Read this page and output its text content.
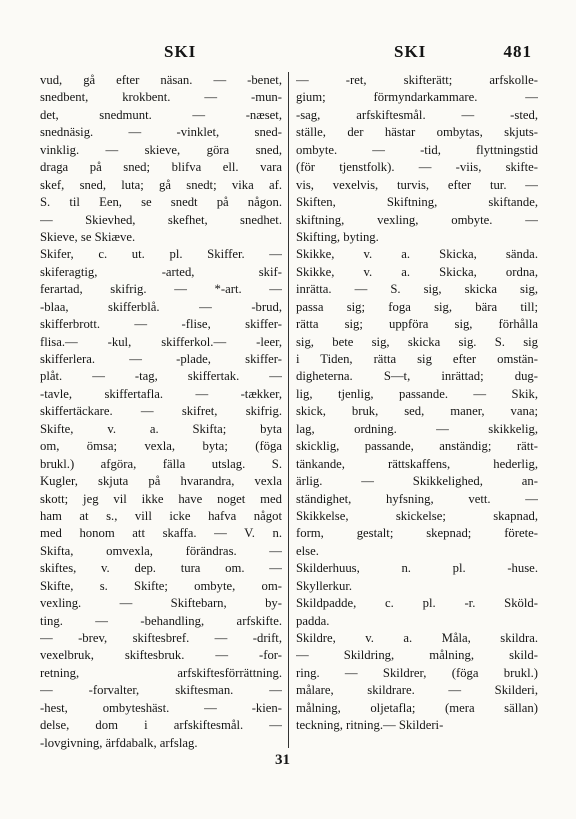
SKI	SKI	481
vud, gå efter näsan. — -benet,
snedbent, krokbent. — -mun-
det, snedmunt. — -næset,
snednäsig. — -vinklet, sned-
vinklig. — skieve, göra sned,
draga på sned; blifva ell. vara
skef, sned, luta; gå snedt; vika af.
S. til Een, se snedt på någon.
— Skievhed, skefhet, snedhet.
Skieve, se Skiæve.
Skifer, c. ut. pl. Skiffer. —
skiferagtig, -arted, skif-
ferartad, skifrig. — *-art. —
-blaa, skifferblå. — -brud,
skifferbrott. — -flise, skiffer-
flisa.— -kul, skifferkol.— -leer,
skifferlera. — -plade, skiffer-
plåt. — -tag, skiffertak. —
-tavle, skiffertafla. — -tækker,
skiffertäckare. — skifret, skifrig.
Skifte, v. a. Skifta; byta
om, ömsa; vexla, byta; (föga
brukl.) afgöra, fälla utslag. S.
Kugler, skjuta på hvarandra, vexla
skott; jeg vil ikke have noget med
ham at s., vill icke hafva något
med honom att skaffa. — V. n.
Skifta, omvexla, förändras. —
skiftes, v. dep. tura om. —
Skifte, s. Skifte; ombyte, om-
vexling. — Skiftebarn, by-
ting. — -behandling, arfskifte.
— -brev, skiftesbref. — -drift,
vexelbruk, skiftesbruk. — -for-
retning, arfskiftesförrättning.
— -forvalter, skiftesman. —
-hest, ombyteshäst. — -kien-
delse, dom i arfskiftesmål. —
-lovgivning, ärfdabalk, arfslag.
— -ret, skifterätt; arfskolle-
gium; förmyndarkammare. —
-sag, arfskiftesmål. — -sted,
ställe, der hästar ombytas, skjuts-
ombyte. — -tid, flyttningstid
(för tjenstfolk). — -viis, skifte-
vis, vexelvis, turvis, efter tur. —
Skiften, Skiftning, skiftande,
skiftning, vexling, ombyte. —
Skifting, byting.
Skikke, v. a. Skicka, sända.
Skikke, v. a. Skicka, ordna,
inrätta. — S. sig, skicka sig,
passa sig; foga sig, bära till;
rätta sig; uppföra sig, förhålla
sig, bete sig, skicka sig. S. sig
i Tiden, rätta sig efter omstän-
digheterna. S—t, inrättad; dug-
lig, tjenlig, passande. — Skik,
skick, bruk, sed, maner, vana;
lag, ordning. — skikkelig,
skicklig, passande, anständig; rätt-
tänkande, rättskaffens, hederlig,
ärlig. — Skikkelighed, an-
ständighet, hyfsning, vett. —
Skikkelse, skickelse; skapnad,
form, gestalt; skepnad; förete-
else.
Skilderhuus, n. pl. -huse.
Skyllerkur.
Skildpadde, c. pl. -r. Sköld-
padda.
Skildre, v. a. Måla, skildra.
— Skildring, målning, skild-
ring. — Skildrer, (föga brukl.)
målare, skildrare. — Skilderi,
målning, oljetafla; (mera sällan)
teckning, ritning.— Skilderi-
31
